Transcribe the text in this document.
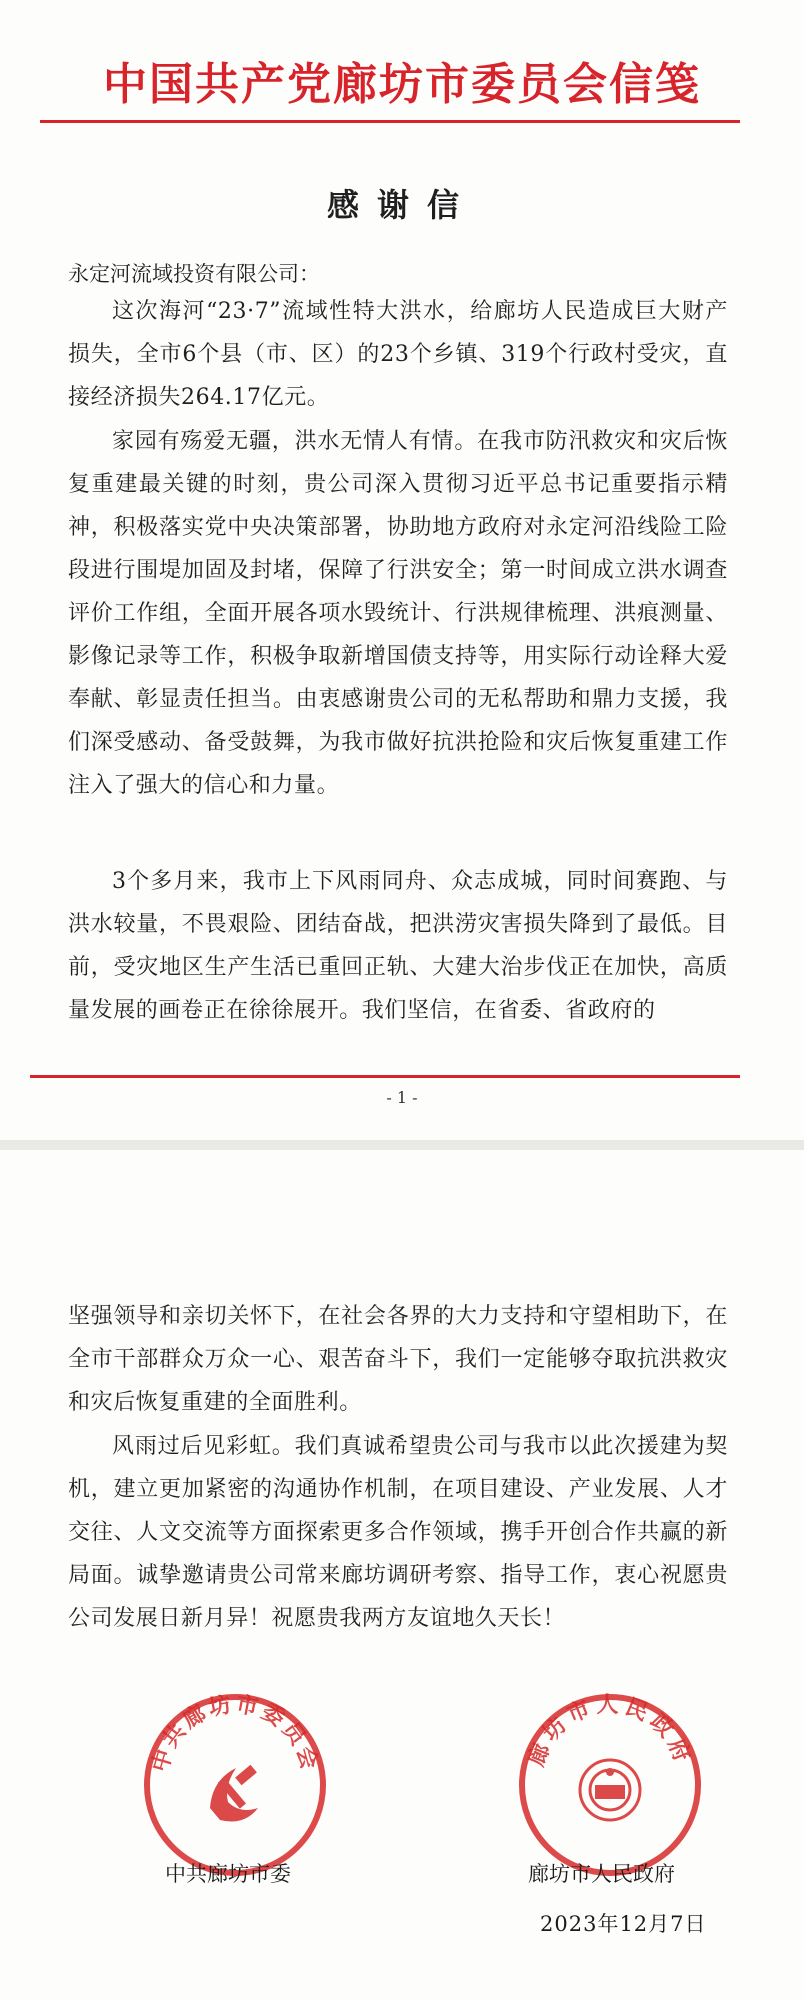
中国共产党廊坊市委员会信笺
感谢信
永定河流域投资有限公司：

这次海河“23·7”流域性特大洪水，给廊坊人民造成巨大财产损失，全市6个县（市、区）的23个乡镇、319个行政村受灾，直接经济损失264.17亿元。

家园有殇爱无疆，洪水无情人有情。在我市防汛救灾和灾后恢复重建最关键的时刻，贵公司深入贯彻习近平总书记重要指示精神，积极落实党中央决策部署，协助地方政府对永定河沿线险工险段进行围堤加固及封堵，保障了行洪安全；第一时间成立洪水调查评价工作组，全面开展各项水毁统计、行洪规律梳理、洪痕测量、影像记录等工作，积极争取新增国债支持等，用实际行动诠释大爱奉献、彰显责任担当。由衷感谢贵公司的无私帮助和鼎力支援，我们深受感动、备受鼓舞，为我市做好抗洪抢险和灾后恢复重建工作注入了强大的信心和力量。

3个多月来，我市上下风雨同舟、众志成城，同时间赛跑、与洪水较量，不畏艰险、团结奋战，把洪涝灾害损失降到了最低。目前，受灾地区生产生活已重回正轨、大建大治步伐正在加快，高质量发展的画卷正在徐徐展开。我们坚信，在省委、省政府的

- 1 -

坚强领导和亲切关怀下，在社会各界的大力支持和守望相助下，在全市干部群众万众一心、艰苦奋斗下，我们一定能够夺取抗洪救灾和灾后恢复重建的全面胜利。

风雨过后见彩虹。我们真诚希望贵公司与我市以此次援建为契机，建立更加紧密的沟通协作机制，在项目建设、产业发展、人才交往、人文交流等方面探索更多合作领域，携手开创合作共赢的新局面。诚挚邀请贵公司常来廊坊调研考察、指导工作，衷心祝愿贵公司发展日新月异！祝愿贵我两方友谊地久天长！

中共廊坊市委员会	廊坊市人民政府
中共廊坊市委	廊坊市人民政府
2023年12月7日
